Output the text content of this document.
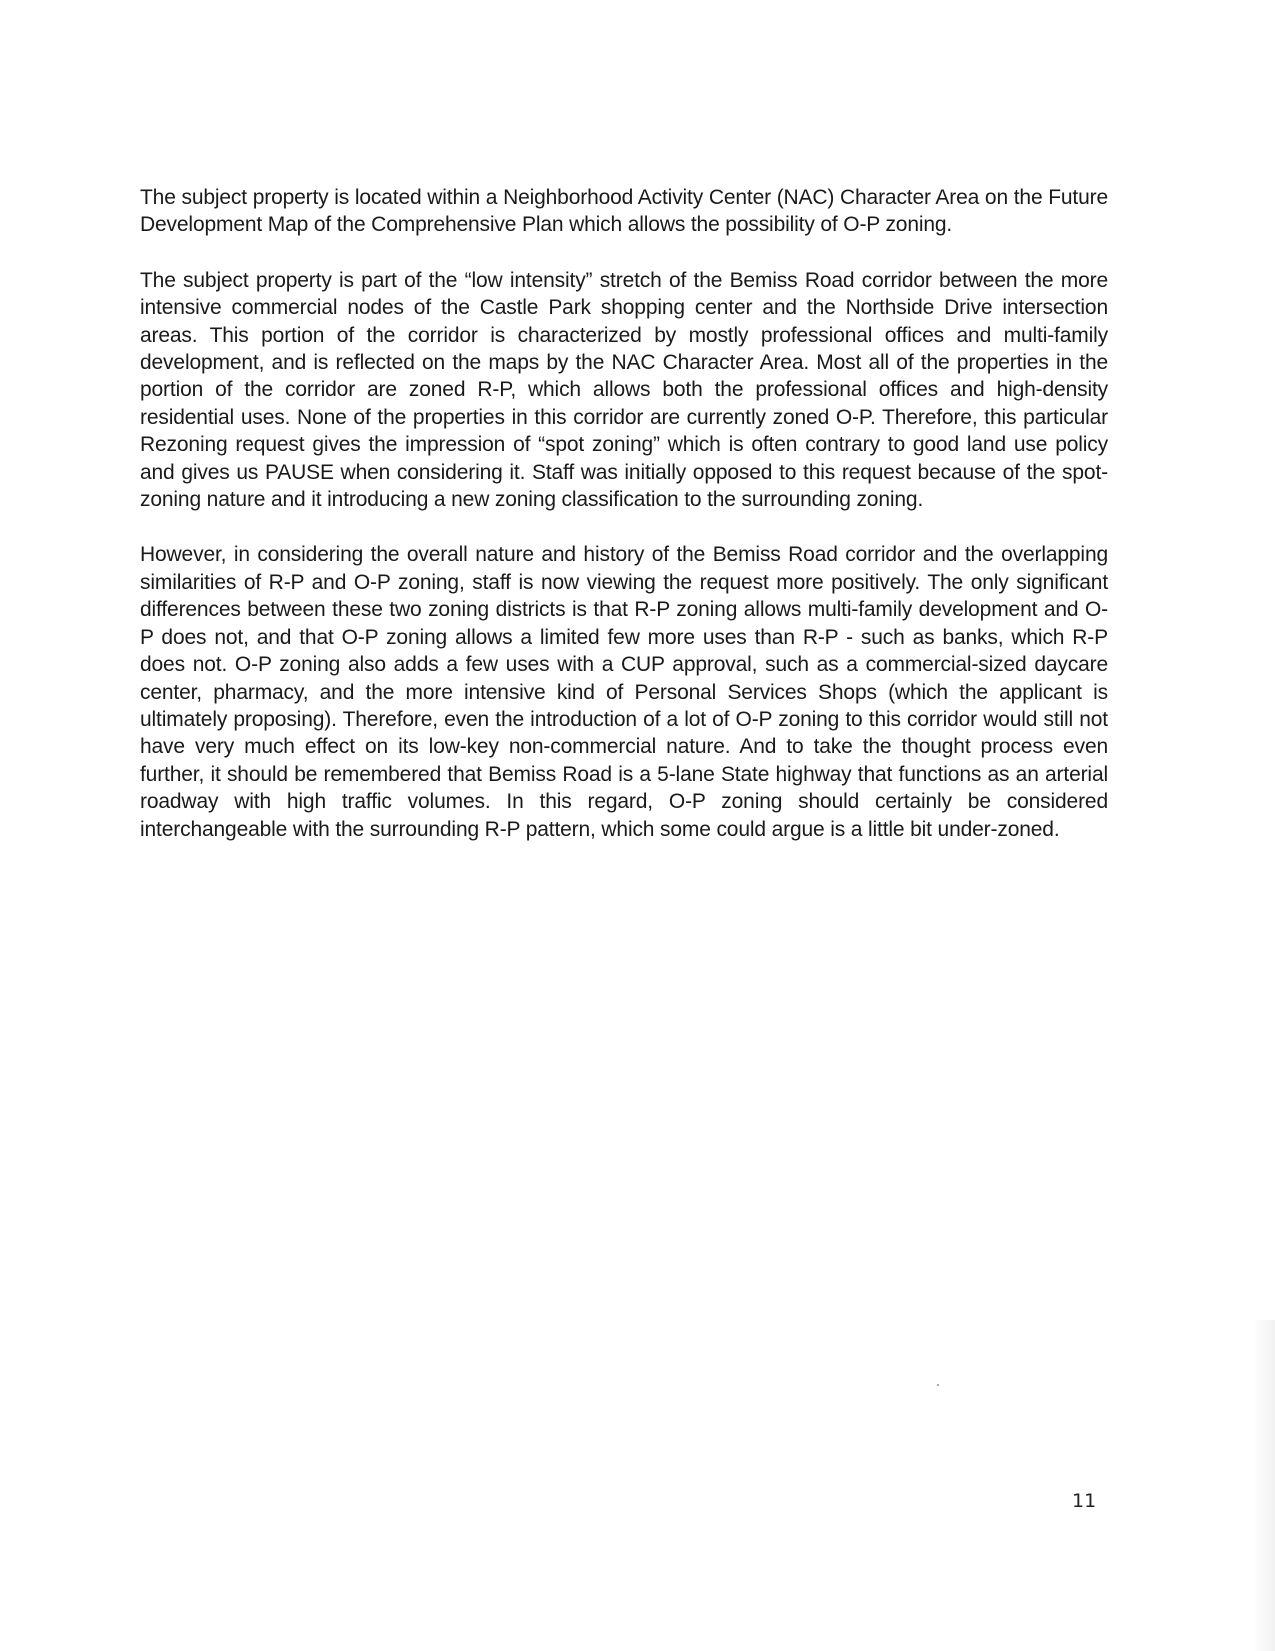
The subject property is located within a Neighborhood Activity Center (NAC) Character Area on the Future Development Map of the Comprehensive Plan which allows the possibility of O-P zoning.

The subject property is part of the “low intensity” stretch of the Bemiss Road corridor between the more intensive commercial nodes of the Castle Park shopping center and the Northside Drive intersection areas. This portion of the corridor is characterized by mostly professional offices and multi-family development, and is reflected on the maps by the NAC Character Area. Most all of the properties in the portion of the corridor are zoned R-P, which allows both the professional offices and high-density residential uses. None of the properties in this corridor are currently zoned O-P. Therefore, this particular Rezoning request gives the impression of “spot zoning” which is often contrary to good land use policy and gives us PAUSE when considering it. Staff was initially opposed to this request because of the spot-zoning nature and it introducing a new zoning classification to the surrounding zoning.

However, in considering the overall nature and history of the Bemiss Road corridor and the overlapping similarities of R-P and O-P zoning, staff is now viewing the request more positively. The only significant differences between these two zoning districts is that R-P zoning allows multi-family development and O-P does not, and that O-P zoning allows a limited few more uses than R-P - such as banks, which R-P does not. O-P zoning also adds a few uses with a CUP approval, such as a commercial-sized daycare center, pharmacy, and the more intensive kind of Personal Services Shops (which the applicant is ultimately proposing). Therefore, even the introduction of a lot of O-P zoning to this corridor would still not have very much effect on its low-key non-commercial nature. And to take the thought process even further, it should be remembered that Bemiss Road is a 5-lane State highway that functions as an arterial roadway with high traffic volumes. In this regard, O-P zoning should certainly be considered interchangeable with the surrounding R-P pattern, which some could argue is a little bit under-zoned.

11
